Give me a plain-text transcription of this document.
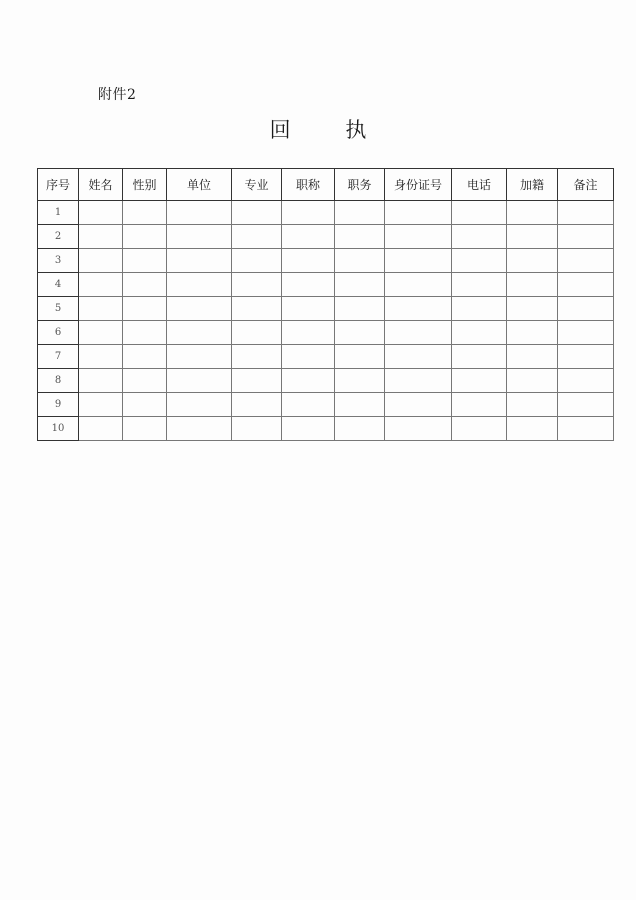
附件2
回 执
序号	姓名	性别	单位	专业	职称	职务	身份证号	电话	加籍	备注
1										
2										
3										
4										
5										
6										
7										
8										
9										
10										
